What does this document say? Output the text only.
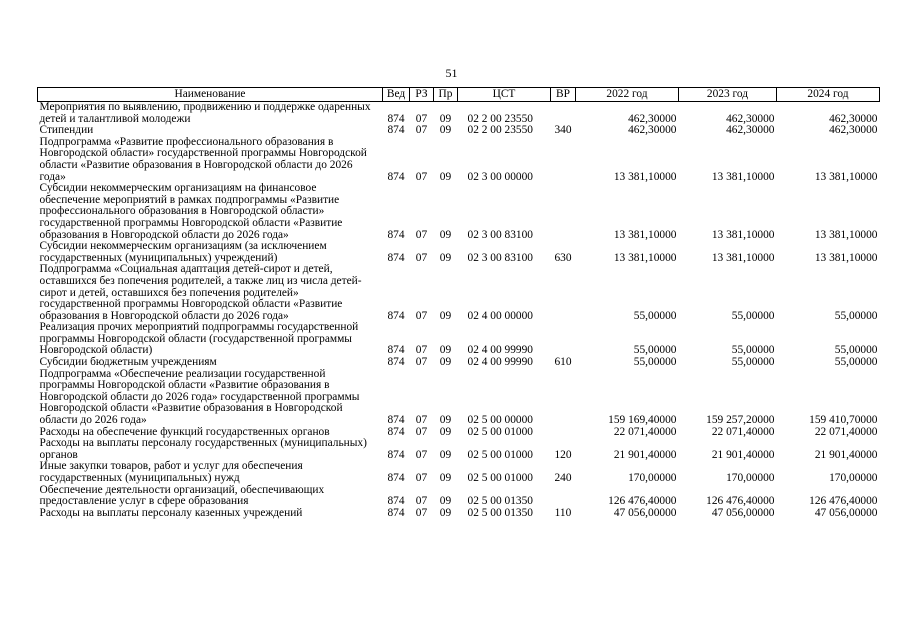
51
Наименование	Вед	РЗ	Пр	ЦСТ	ВР	2022 год	2023 год	2024 год
Мероприятия по выявлению, продвижению и поддержке одаренных детей и талантливой молодежи	874	07	09	02 2 00 23550		462,30000	462,30000	462,30000
Стипендии	874	07	09	02 2 00 23550	340	462,30000	462,30000	462,30000
Подпрограмма «Развитие профессионального образования в Новгородской области» государственной программы Новгородской области «Развитие образования в Новгородской области до 2026 года»	874	07	09	02 3 00 00000		13 381,10000	13 381,10000	13 381,10000
Субсидии некоммерческим организациям на финансовое обеспечение мероприятий в рамках подпрограммы «Развитие профессионального образования в Новгородской области» государственной программы Новгородской области «Развитие образования в Новгородской области до 2026 года»	874	07	09	02 3 00 83100		13 381,10000	13 381,10000	13 381,10000
Субсидии некоммерческим организациям (за исключением государственных (муниципальных) учреждений)	874	07	09	02 3 00 83100	630	13 381,10000	13 381,10000	13 381,10000
Подпрограмма «Социальная адаптация детей-сирот и детей, оставшихся без попечения родителей, а также лиц из числа детей-сирот и детей, оставшихся без попечения родителей» государственной программы Новгородской области «Развитие образования в Новгородской области до 2026 года»	874	07	09	02 4 00 00000		55,00000	55,00000	55,00000
Реализация прочих мероприятий подпрограммы государственной программы Новгородской области (государственной программы Новгородской области)	874	07	09	02 4 00 99990		55,00000	55,00000	55,00000
Субсидии бюджетным учреждениям	874	07	09	02 4 00 99990	610	55,00000	55,00000	55,00000
Подпрограмма «Обеспечение реализации государственной программы Новгородской области «Развитие образования в Новгородской области до 2026 года» государственной программы Новгородской области «Развитие образования в Новгородской области до 2026 года»	874	07	09	02 5 00 00000		159 169,40000	159 257,20000	159 410,70000
Расходы на обеспечение функций государственных органов	874	07	09	02 5 00 01000		22 071,40000	22 071,40000	22 071,40000
Расходы на выплаты персоналу государственных (муниципальных) органов	874	07	09	02 5 00 01000	120	21 901,40000	21 901,40000	21 901,40000
Иные закупки товаров, работ и услуг для обеспечения государственных (муниципальных) нужд	874	07	09	02 5 00 01000	240	170,00000	170,00000	170,00000
Обеспечение деятельности организаций, обеспечивающих предоставление услуг в сфере образования	874	07	09	02 5 00 01350		126 476,40000	126 476,40000	126 476,40000
Расходы на выплаты персоналу казенных учреждений	874	07	09	02 5 00 01350	110	47 056,00000	47 056,00000	47 056,00000
